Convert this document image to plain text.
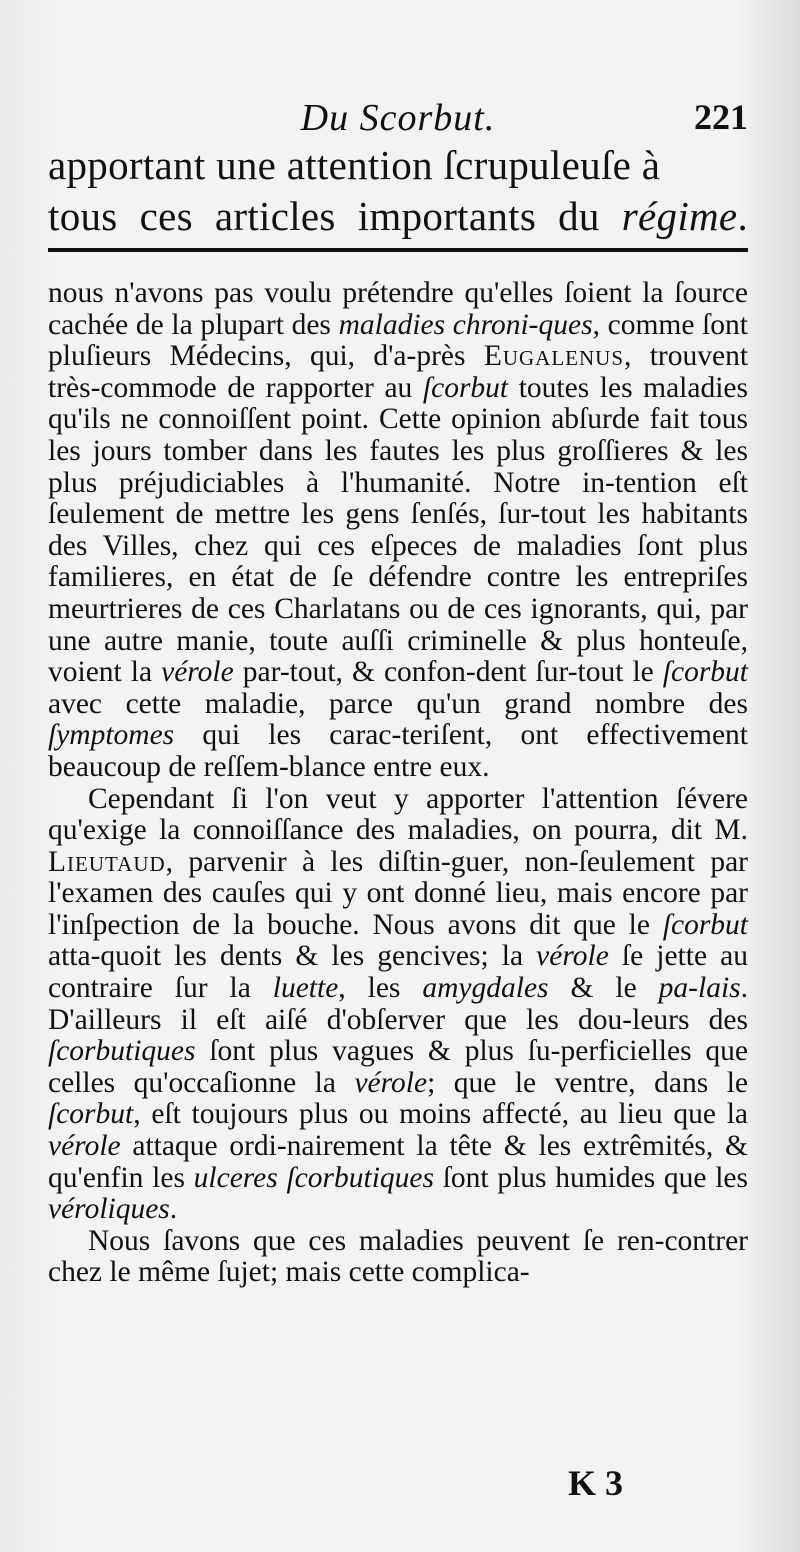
Du Scorbut.	221

apportant une attention ſcrupuleuſe à

tous ces articles importants du régime.

nous n'avons pas voulu prétendre qu'elles ſoient la ſource cachée de la plupart des maladies chroni-ques, comme ſont pluſieurs Médecins, qui, d'a-près Eugalenus, trouvent très-commode de rapporter au ſcorbut toutes les maladies qu'ils ne connoiſſent point. Cette opinion abſurde fait tous les jours tomber dans les fautes les plus groſſieres & les plus préjudiciables à l'humanité. Notre in-tention eſt ſeulement de mettre les gens ſenſés, ſur-tout les habitants des Villes, chez qui ces eſpeces de maladies ſont plus familieres, en état de ſe défendre contre les entrepriſes meurtrieres de ces Charlatans ou de ces ignorants, qui, par une autre manie, toute auſſi criminelle & plus honteuſe, voient la vérole par-tout, & confon-dent ſur-tout le ſcorbut avec cette maladie, parce qu'un grand nombre des ſymptomes qui les carac-teriſent, ont effectivement beaucoup de reſſem-blance entre eux.

Cependant ſi l'on veut y apporter l'attention ſévere qu'exige la connoiſſance des maladies, on pourra, dit M. Lieutaud, parvenir à les diſtin-guer, non-ſeulement par l'examen des cauſes qui y ont donné lieu, mais encore par l'inſpection de la bouche. Nous avons dit que le ſcorbut atta-quoit les dents & les gencives; la vérole ſe jette au contraire ſur la luette, les amygdales & le pa-lais. D'ailleurs il eſt aiſé d'obſerver que les dou-leurs des ſcorbutiques ſont plus vagues & plus ſu-perficielles que celles qu'occaſionne la vérole; que le ventre, dans le ſcorbut, eſt toujours plus ou moins affecté, au lieu que la vérole attaque ordi-nairement la tête & les extrêmités, & qu'enfin les ulceres ſcorbutiques ſont plus humides que les véroliques.

Nous ſavons que ces maladies peuvent ſe ren-contrer chez le même ſujet; mais cette complica-

K 3
